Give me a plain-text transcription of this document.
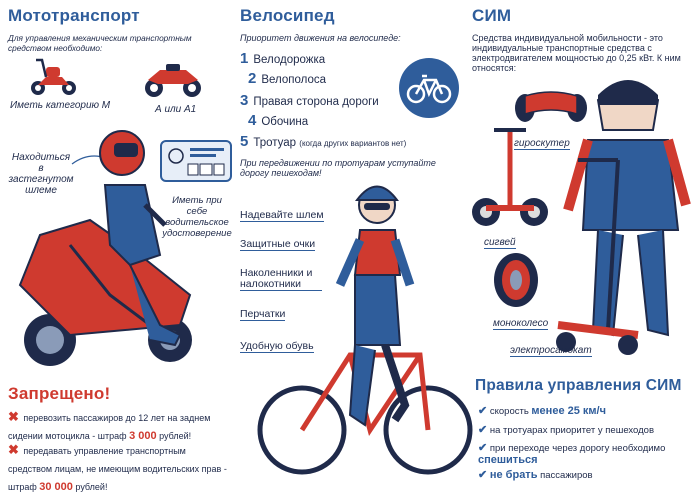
Мототранспорт
Для управления механическим транспортным средством необходимо:
Иметь категорию М	А или А1
Находиться в застегнутом шлеме
Иметь при себе водительское удостоверение
Запрещено!
✖ перевозить пассажиров до 12 лет на заднем сидении мотоцикла - штраф 3 000 рублей!
✖ передавать управление транспортным средством лицам, не имеющим водительских прав - штраф 30 000 рублей!
Велосипед
Приоритет движения на велосипеде:
1 Велодорожка
2 Велополоса
3 Правая сторона дороги
4 Обочина
5 Тротуар (когда других вариантов нет)
При передвижении по тротуарам уступайте дорогу пешеходам!
Надевайте шлем
Защитные очки
Наколенники и налокотники
Перчатки
Удобную обувь
СИМ
Средства индивидуальной мобильности - это индивидуальные транспортные средства с электродвигателем мощностью до 0,25 кВт. К ним относятся:
гироскутер
сигвей
моноколесо
электросамокат
Правила управления СИМ
✔ скорость менее 25 км/ч
✔ на тротуарах приоритет у пешеходов
✔ при переходе через дорогу необходимо спешиться
✔ не брать пассажиров
